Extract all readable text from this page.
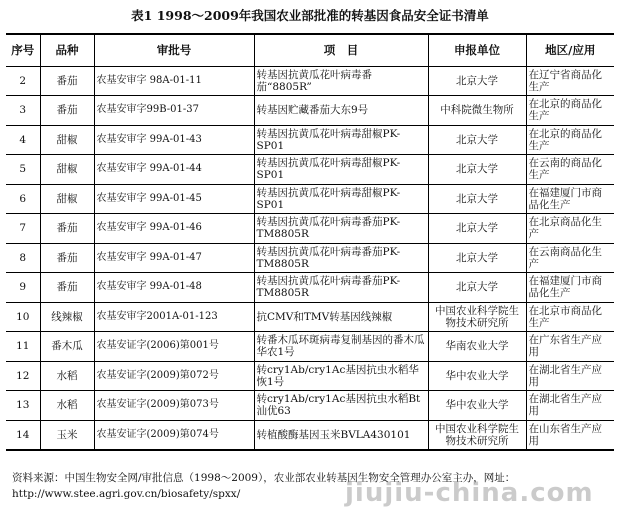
表1 1998～2009年我国农业部批准的转基因食品安全证书清单
序号	品种	审批号	项　目	申报单位	地区/应用
2	番茄	农基安审字 98A-01-11	转基因抗黄瓜花叶病毒番茄“8805R”	北京大学	在辽宁省商品化生产
3	番茄	农基安审字99B-01-37	转基因贮藏番茄大东9号	中科院微生物所	在北京的商品化生产
4	甜椒	农基安审字 99A-01-43	转基因抗黄瓜花叶病毒甜椒PK-SP01	北京大学	在北京的商品化生产
5	甜椒	农基安审字 99A-01-44	转基因抗黄瓜花叶病毒甜椒PK-SP01	北京大学	在云南的商品化生产
6	甜椒	农基安审字 99A-01-45	转基因抗黄瓜花叶病毒甜椒PK-SP01	北京大学	在福建厦门市商品化生产
7	番茄	农基安审字 99A-01-46	转基因抗黄瓜花叶病毒番茄PK-TM8805R	北京大学	在北京商品化生产
8	番茄	农基安审字 99A-01-47	转基因抗黄瓜花叶病毒番茄PK-TM8805R	北京大学	在云南商品化生产
9	番茄	农基安审字 99A-01-48	转基因抗黄瓜花叶病毒番茄PK-TM8805R	北京大学	在福建厦门市商品化生产
10	线辣椒	农基安审字2001A-01-123	抗CMV和TMV转基因线辣椒	中国农业科学院生物技术研究所	在北京市商品化生产
11	番木瓜	农基安证字(2006)第001号	转番木瓜环斑病毒复制基因的番木瓜华农1号	华南农业大学	在广东省生产应用
12	水稻	农基安证字(2009)第072号	转cry1Ab/cry1Ac基因抗虫水稻华恢1号	华中农业大学	在湖北省生产应用
13	水稻	农基安证字(2009)第073号	转cry1Ab/cry1Ac基因抗虫水稻Bt汕优63	华中农业大学	在湖北省生产应用
14	玉米	农基安证字(2009)第074号	转植酸酶基因玉米BVLA430101	中国农业科学院生物技术研究所	在山东省生产应用
资料来源：中国生物安全网/审批信息（1998～2009），农业部农业转基因生物安全管理办公室主办，网址：http://www.stee.agri.gov.cn/biosafety/spxx/	jiujiu-china.com
